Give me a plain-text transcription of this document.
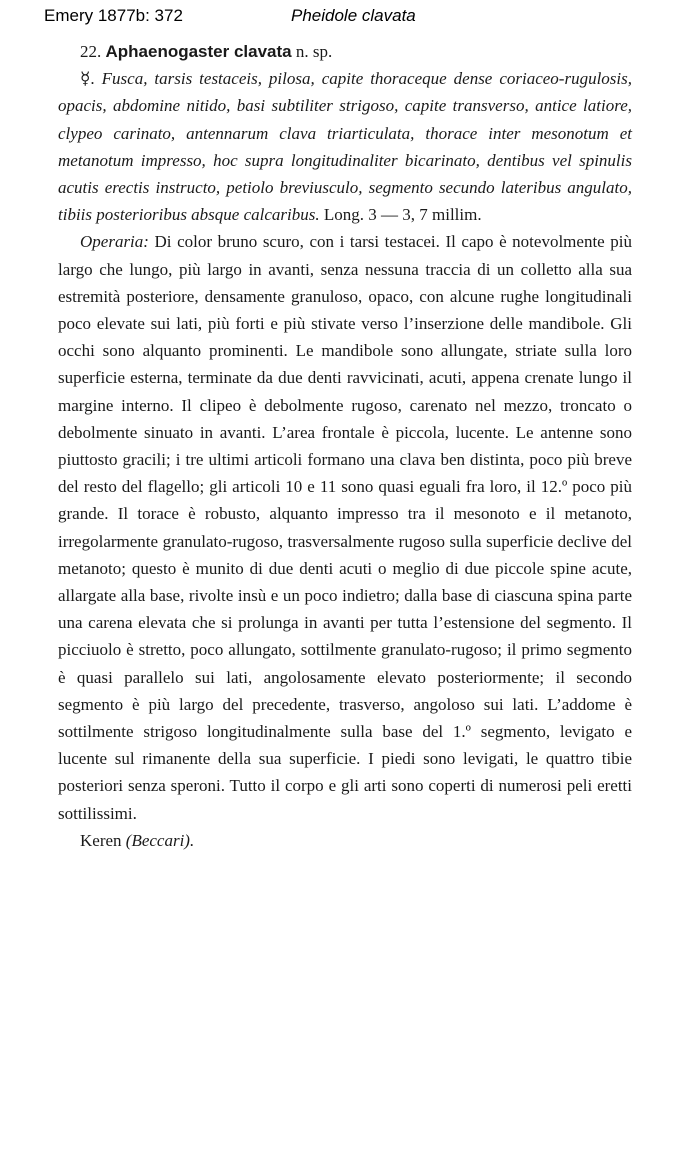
Emery 1877b: 372	Pheidole clavata

22. Aphaenogaster clavata n. sp.

☿. Fusca, tarsis testaceis, pilosa, capite thoraceque dense coriaceo-rugulosis, opacis, abdomine nitido, basi subtiliter strigoso, capite transverso, antice latiore, clypeo carinato, antennarum clava triarticulata, thorace inter mesonotum et metanotum impresso, hoc supra longitudinaliter bicarinato, dentibus vel spinulis acutis erectis instructo, petiolo breviusculo, segmento secundo lateribus angulato, tibiis posterioribus absque calcaribus. Long. 3 — 3, 7 millim.

Operaria: Di color bruno scuro, con i tarsi testacei. Il capo è notevolmente più largo che lungo, più largo in avanti, senza nessuna traccia di un colletto alla sua estremità posteriore, densamente granuloso, opaco, con alcune rughe longitudinali poco elevate sui lati, più forti e più stivate verso l’inserzione delle mandibole. Gli occhi sono alquanto prominenti. Le mandibole sono allungate, striate sulla loro superficie esterna, terminate da due denti ravvicinati, acuti, appena crenate lungo il margine interno. Il clipeo è debolmente rugoso, carenato nel mezzo, troncato o debolmente sinuato in avanti. L’area frontale è piccola, lucente. Le antenne sono piuttosto gracili; i tre ultimi articoli formano una clava ben distinta, poco più breve del resto del flagello; gli articoli 10 e 11 sono quasi eguali fra loro, il 12.º poco più grande. Il torace è robusto, alquanto impresso tra il mesonoto e il metanoto, irregolarmente granulato-rugoso, trasversalmente rugoso sulla superficie declive del metanoto; questo è munito di due denti acuti o meglio di due piccole spine acute, allargate alla base, rivolte insù e un poco indietro; dalla base di ciascuna spina parte una carena elevata che si prolunga in avanti per tutta l’estensione del segmento. Il picciuolo è stretto, poco allungato, sottilmente granulato-rugoso; il primo segmento è quasi parallelo sui lati, angolosamente elevato posteriormente; il secondo segmento è più largo del precedente, trasverso, angoloso sui lati. L’addome è sottilmente strigoso longitudinalmente sulla base del 1.º segmento, levigato e lucente sul rimanente della sua superficie. I piedi sono levigati, le quattro tibie posteriori senza speroni. Tutto il corpo e gli arti sono coperti di numerosi peli eretti sottilissimi.

Keren (Beccari).
